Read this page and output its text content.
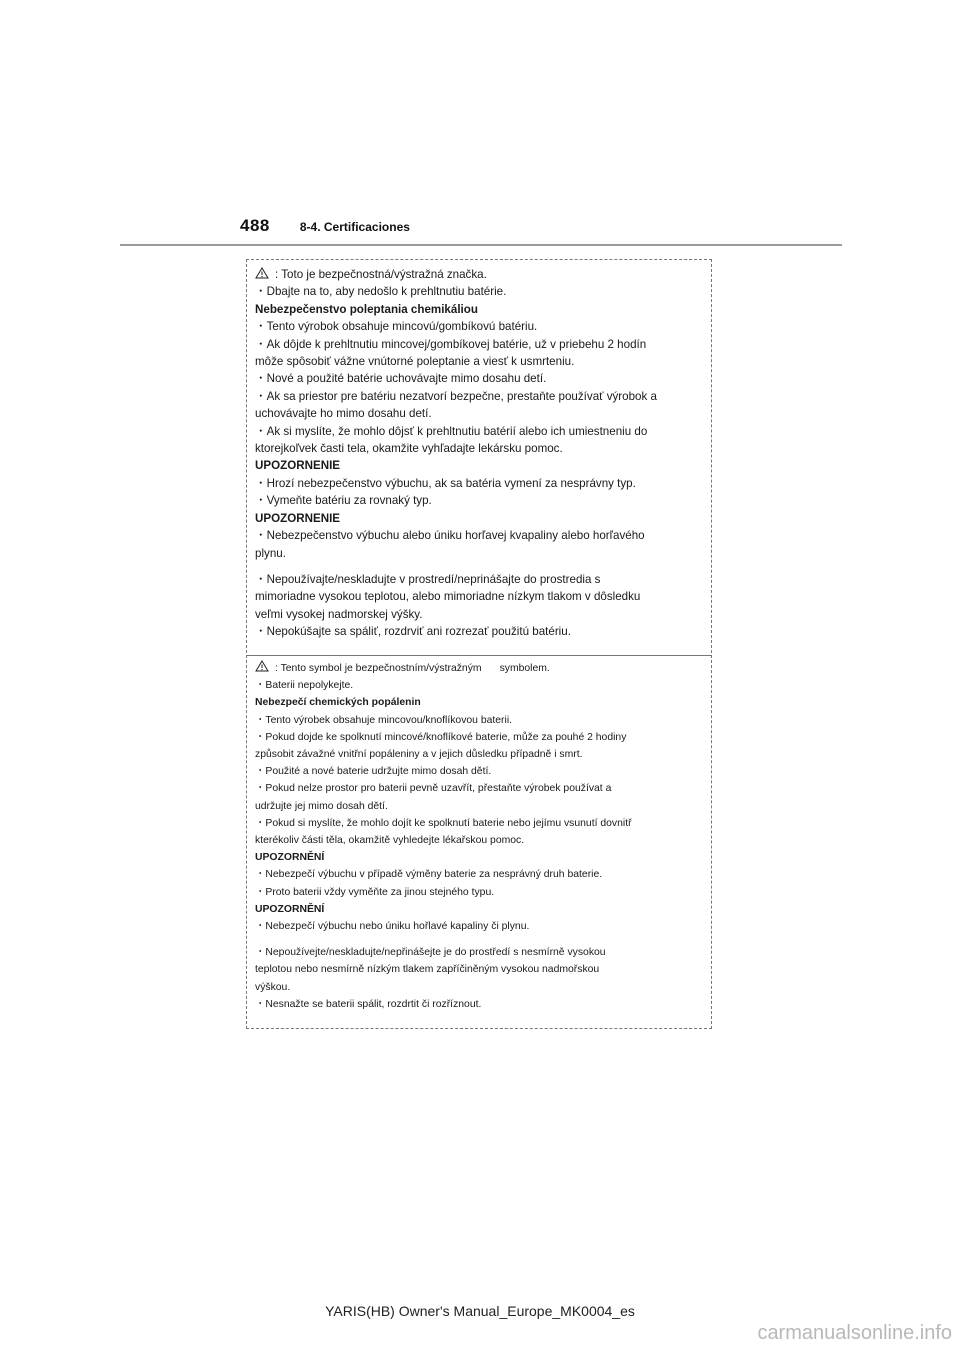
488	8-4. Certificaciones
: Toto je bezpečnostná/výstražná značka.
・Dbajte na to, aby nedošlo k prehltnutiu batérie.
Nebezpečenstvo poleptania chemikáliou
・Tento výrobok obsahuje mincovú/gombíkovú batériu.
・Ak dôjde k prehltnutiu mincovej/gombíkovej batérie, už v priebehu 2 hodín
môže spôsobiť vážne vnútorné poleptanie a viesť k usmrteniu.
・Nové a použité batérie uchovávajte mimo dosahu detí.
・Ak sa priestor pre batériu nezatvorí bezpečne, prestaňte používať výrobok a
uchovávajte ho mimo dosahu detí.
・Ak si myslíte, že mohlo dôjsť k prehltnutiu batérií alebo ich umiestneniu do
ktorejkoľvek časti tela, okamžite vyhľadajte lekársku pomoc.
UPOZORNENIE
・Hrozí nebezpečenstvo výbuchu, ak sa batéria vymení za nesprávny typ.
・Vymeňte batériu za rovnaký typ.
UPOZORNENIE
・Nebezpečenstvo výbuchu alebo úniku horľavej kvapaliny alebo horľavého
plynu.
・Nepoužívajte/neskladujte v prostredí/neprinášajte do prostredia s
mimoriadne vysokou teplotou, alebo mimoriadne nízkym tlakom v dôsledku
veľmi vysokej nadmorskej výšky.
・Nepokúšajte sa spáliť, rozdrviť ani rozrezať použitú batériu.
: Tento symbol je bezpečnostním/výstražným symbolem.
・Baterii nepolykejte.
Nebezpečí chemických popálenin
・Tento výrobek obsahuje mincovou/knoflíkovou baterii.
・Pokud dojde ke spolknutí mincové/knoflíkové baterie, může za pouhé 2 hodiny
způsobit závažné vnitřní popáleniny a v jejich důsledku případně i smrt.
・Použité a nové baterie udržujte mimo dosah dětí.
・Pokud nelze prostor pro baterii pevně uzavřít, přestaňte výrobek používat a
udržujte jej mimo dosah dětí.
・Pokud si myslíte, že mohlo dojít ke spolknutí baterie nebo jejímu vsunutí dovnitř
kterékoliv části těla, okamžitě vyhledejte lékařskou pomoc.
UPOZORNĚNÍ
・Nebezpečí výbuchu v případě výměny baterie za nesprávný druh baterie.
・Proto baterii vždy vyměňte za jinou stejného typu.
UPOZORNĚNÍ
・Nebezpečí výbuchu nebo úniku hořlavé kapaliny či plynu.
・Nepoužívejte/neskladujte/nepřinášejte je do prostředí s nesmírně vysokou
teplotou nebo nesmírně nízkým tlakem zapříčiněným vysokou nadmořskou
výškou.
・Nesnažte se baterii spálit, rozdrtit či rozříznout.
YARIS(HB) Owner's Manual_Europe_MK0004_es
carmanualsonline.info
